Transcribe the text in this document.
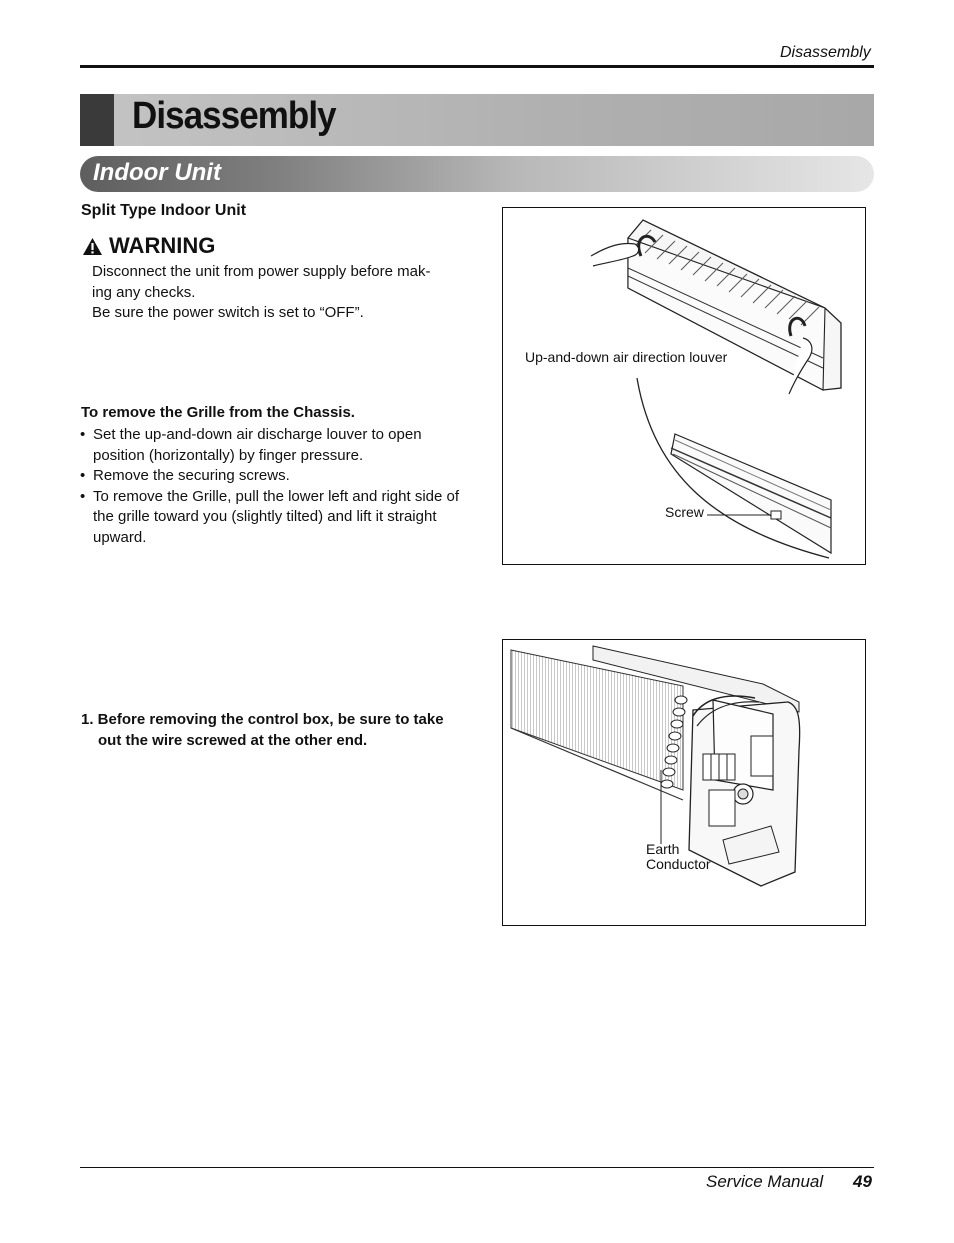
Disassembly
Disassembly
Indoor Unit
Split Type Indoor Unit
WARNING
Disconnect the unit from power supply before mak-
ing any checks.
Be sure the power switch is set to “OFF”.
To remove the Grille from the Chassis.
• Set the up-and-down air discharge louver to open position (horizontally) by finger pressure.
• Remove the securing screws.
• To remove the Grille, pull the lower left and right side of the grille toward you (slightly tilted) and lift it straight upward.
1. Before removing the control box, be sure to take out the wire screwed at the other end.
Up-and-down air direction louver
Screw
Earth
Conductor
Service Manual 49
